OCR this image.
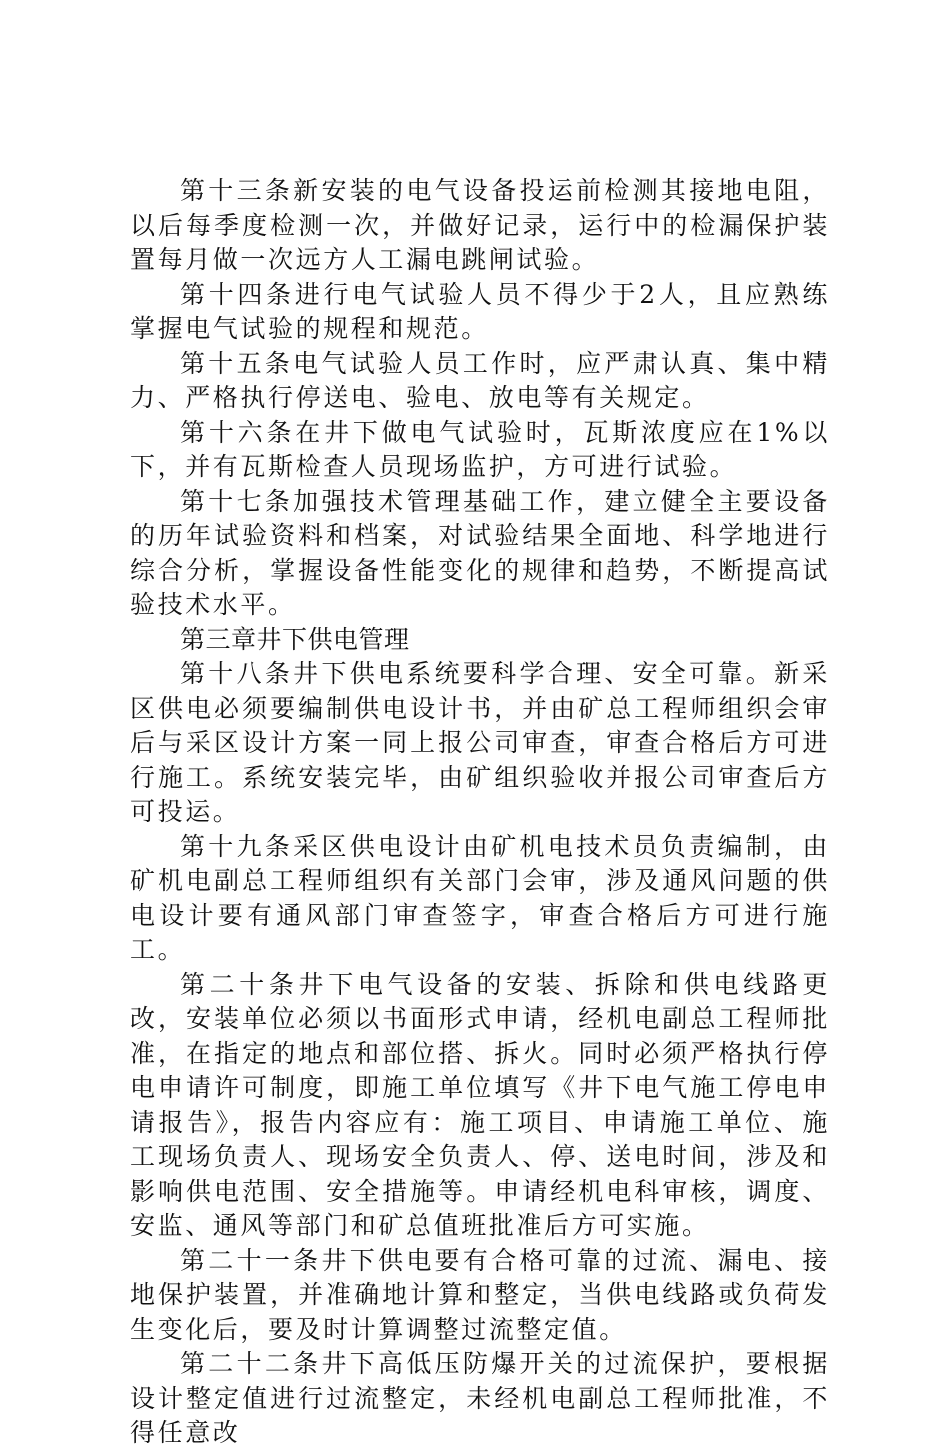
第十三条新安装的电气设备投运前检测其接地电阻，以后每季度检测一次，并做好记录，运行中的检漏保护装置每月做一次远方人工漏电跳闸试验。

第十四条进行电气试验人员不得少于2人，且应熟练掌握电气试验的规程和规范。

第十五条电气试验人员工作时，应严肃认真、集中精力、严格执行停送电、验电、放电等有关规定。

第十六条在井下做电气试验时，瓦斯浓度应在1%以下，并有瓦斯检查人员现场监护，方可进行试验。

第十七条加强技术管理基础工作，建立健全主要设备的历年试验资料和档案，对试验结果全面地、科学地进行综合分析，掌握设备性能变化的规律和趋势，不断提高试验技术水平。

第三章井下供电管理

第十八条井下供电系统要科学合理、安全可靠。新采区供电必须要编制供电设计书，并由矿总工程师组织会审后与采区设计方案一同上报公司审查，审查合格后方可进行施工。系统安装完毕，由矿组织验收并报公司审查后方可投运。

第十九条采区供电设计由矿机电技术员负责编制，由矿机电副总工程师组织有关部门会审，涉及通风问题的供电设计要有通风部门审查签字，审查合格后方可进行施工。

第二十条井下电气设备的安装、拆除和供电线路更改，安装单位必须以书面形式申请，经机电副总工程师批准，在指定的地点和部位搭、拆火。同时必须严格执行停电申请许可制度，即施工单位填写《井下电气施工停电申请报告》，报告内容应有：施工项目、申请施工单位、施工现场负责人、现场安全负责人、停、送电时间，涉及和影响供电范围、安全措施等。申请经机电科审核，调度、安监、通风等部门和矿总值班批准后方可实施。

第二十一条井下供电要有合格可靠的过流、漏电、接地保护装置，并准确地计算和整定，当供电线路或负荷发生变化后，要及时计算调整过流整定值。

第二十二条井下高低压防爆开关的过流保护，要根据设计整定值进行过流整定，未经机电副总工程师批准，不得任意改
